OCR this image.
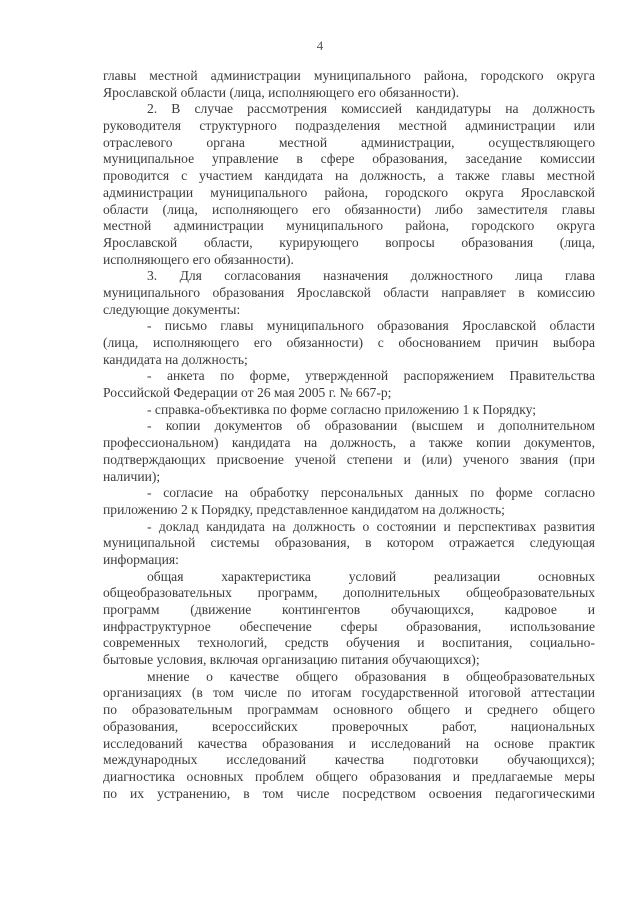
4
главы местной администрации муниципального района, городского округа
Ярославской области (лица, исполняющего его обязанности).
2. В случае рассмотрения комиссией кандидатуры на должность
руководителя структурного подразделения местной администрации или
отраслевого органа местной администрации, осуществляющего
муниципальное управление в сфере образования, заседание комиссии
проводится с участием кандидата на должность, а также главы местной
администрации муниципального района, городского округа Ярославской
области (лица, исполняющего его обязанности) либо заместителя главы
местной администрации муниципального района, городского округа
Ярославской области, курирующего вопросы образования (лица,
исполняющего его обязанности).
3. Для согласования назначения должностного лица глава
муниципального образования Ярославской области направляет в комиссию
следующие документы:
- письмо главы муниципального образования Ярославской области
(лица, исполняющего его обязанности) с обоснованием причин выбора
кандидата на должность;
- анкета по форме, утвержденной распоряжением Правительства
Российской Федерации от 26 мая 2005 г. № 667-р;
- справка-объективка по форме согласно приложению 1 к Порядку;
- копии документов об образовании (высшем и дополнительном
профессиональном) кандидата на должность, а также копии документов,
подтверждающих присвоение ученой степени и (или) ученого звания (при
наличии);
- согласие на обработку персональных данных по форме согласно
приложению 2 к Порядку, представленное кандидатом на должность;
- доклад кандидата на должность о состоянии и перспективах развития
муниципальной системы образования, в котором отражается следующая
информация:
общая характеристика условий реализации основных
общеобразовательных программ, дополнительных общеобразовательных
программ (движение контингентов обучающихся, кадровое и
инфраструктурное обеспечение сферы образования, использование
современных технологий, средств обучения и воспитания, социально-
бытовые условия, включая организацию питания обучающихся);
мнение о качестве общего образования в общеобразовательных
организациях (в том числе по итогам государственной итоговой аттестации
по образовательным программам основного общего и среднего общего
образования, всероссийских проверочных работ, национальных
исследований качества образования и исследований на основе практик
международных исследований качества подготовки обучающихся);
диагностика основных проблем общего образования и предлагаемые меры
по их устранению, в том числе посредством освоения педагогическими
